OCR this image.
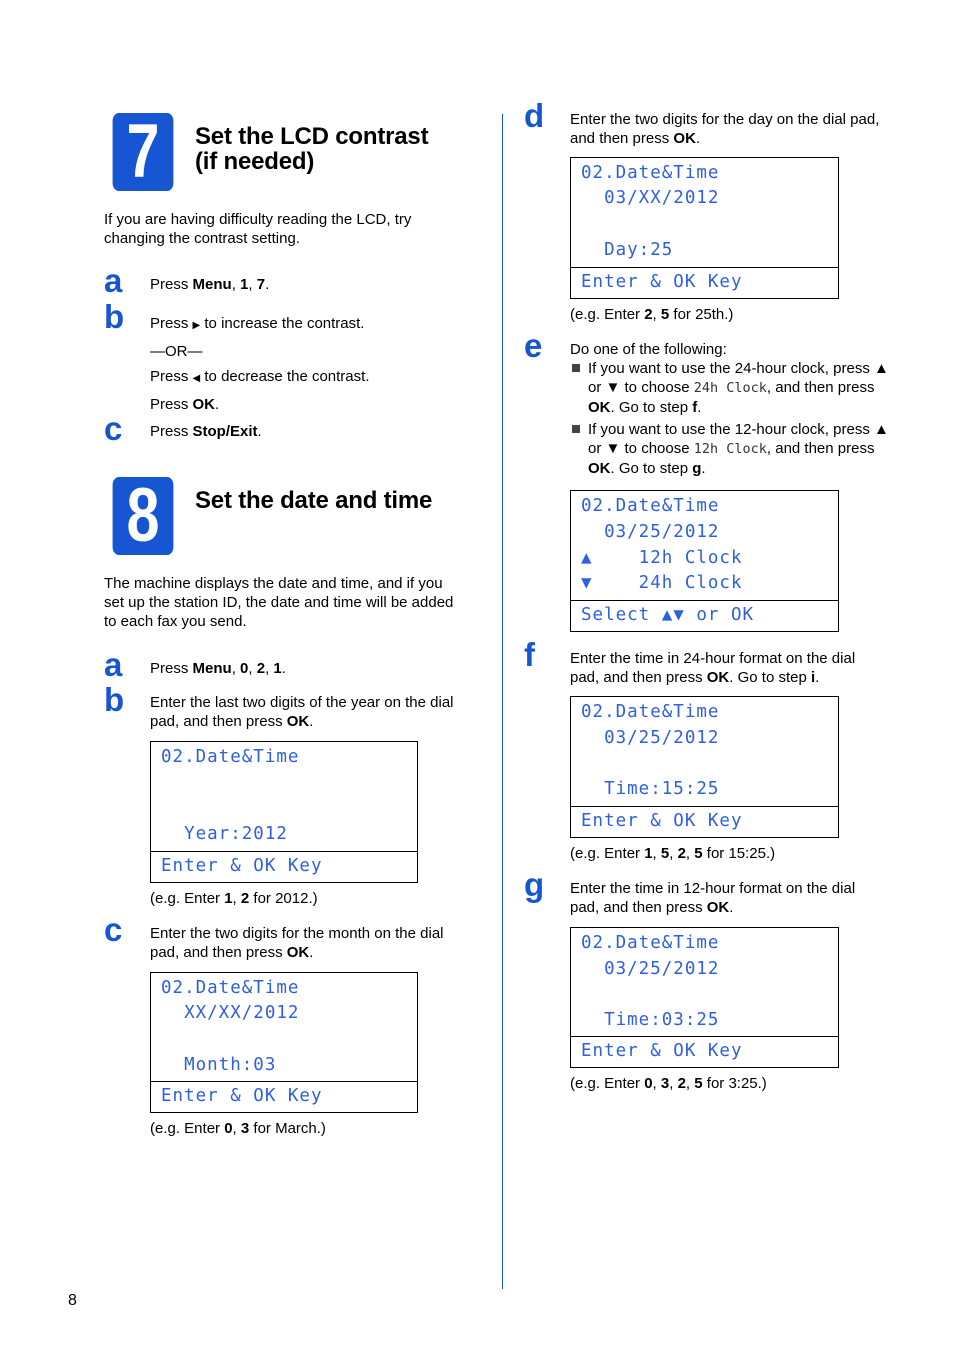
7	Set the LCD contrast
(if needed)
If you are having difficulty reading the LCD, try
changing the contrast setting.
a Press Menu, 1, 7.
b Press ▶ to increase the contrast.
—OR—
Press ◀ to decrease the contrast.
Press OK.
c Press Stop/Exit.
8	Set the date and time
The machine displays the date and time, and if you
set up the station ID, the date and time will be added
to each fax you send.
a Press Menu, 0, 2, 1.
b Enter the last two digits of the year on the dial
pad, and then press OK.
02.Date&Time
Year:2012
Enter & OK Key
(e.g. Enter 1, 2 for 2012.)
c Enter the two digits for the month on the dial
pad, and then press OK.
02.Date&Time
XX/XX/2012
Month:03
Enter & OK Key
(e.g. Enter 0, 3 for March.)
d Enter the two digits for the day on the dial pad,
and then press OK.
02.Date&Time
03/XX/2012
Day:25
Enter & OK Key
(e.g. Enter 2, 5 for 25th.)
e Do one of the following:
If you want to use the 24-hour clock, press ▲
or ▼ to choose 24h Clock, and then press
OK. Go to step f.
If you want to use the 12-hour clock, press ▲
or ▼ to choose 12h Clock, and then press
OK. Go to step g.
02.Date&Time
03/25/2012
▲    12h Clock
▼    24h Clock
Select ▲▼ or OK
f Enter the time in 24-hour format on the dial
pad, and then press OK. Go to step i.
02.Date&Time
03/25/2012
Time:15:25
Enter & OK Key
(e.g. Enter 1, 5, 2, 5 for 15:25.)
g Enter the time in 12-hour format on the dial
pad, and then press OK.
02.Date&Time
03/25/2012
Time:03:25
Enter & OK Key
(e.g. Enter 0, 3, 2, 5 for 3:25.)
8
